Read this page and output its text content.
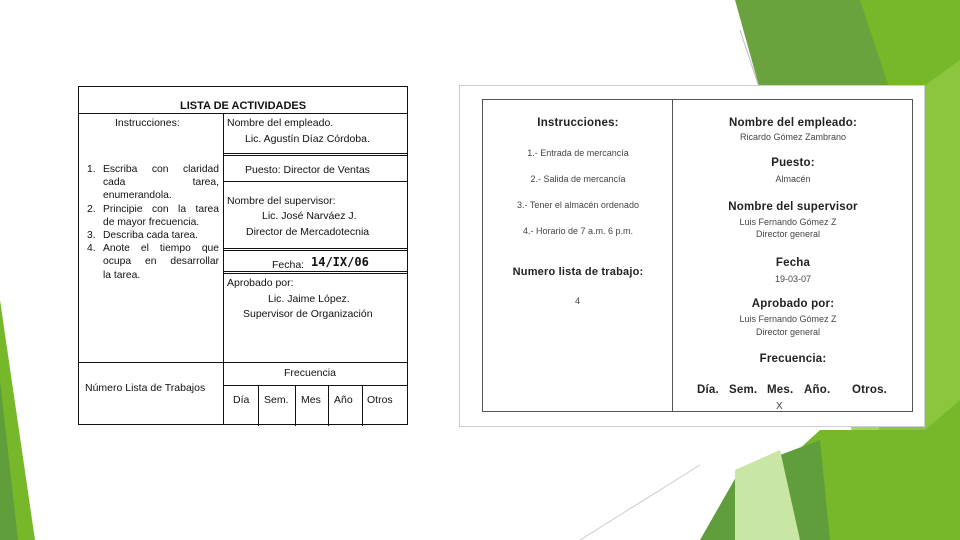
LISTA DE ACTIVIDADES
Instrucciones:	Nombre del empleado.
Lic. Agustín Díaz Córdoba.
Puesto: Director de Ventas
Nombre del supervisor:
Lic. José Narváez J.
Director de Mercadotecnia
Fecha: 14/IX/06
Aprobado por:
Lic. Jaime López.
Supervisor de Organización
1. Escriba con claridad
cada tarea,
enumerandola.
2. Principie con la tarea
de mayor frecuencia.
3. Describa cada tarea.
4. Anote el tiempo que
ocupa en desarrollar
la tarea.
Número Lista de Trabajos
Frecuencia
Día Sem. Mes Año Otros
Instrucciones:
1.- Entrada de mercancía
2.- Salida de mercancía
3.- Tener el almacén ordenado
4.- Horario de 7 a.m. 6 p.m.
Numero lista de trabajo:
4
Nombre del empleado:
Ricardo Gómez Zambrano
Puesto:
Almacén
Nombre del supervisor
Luis Fernando Gómez Z
Director general
Fecha
19-03-07
Aprobado por:
Luis Fernando Gómez Z
Director general
Frecuencia:
Día. Sem. Mes. Año. Otros.
X
